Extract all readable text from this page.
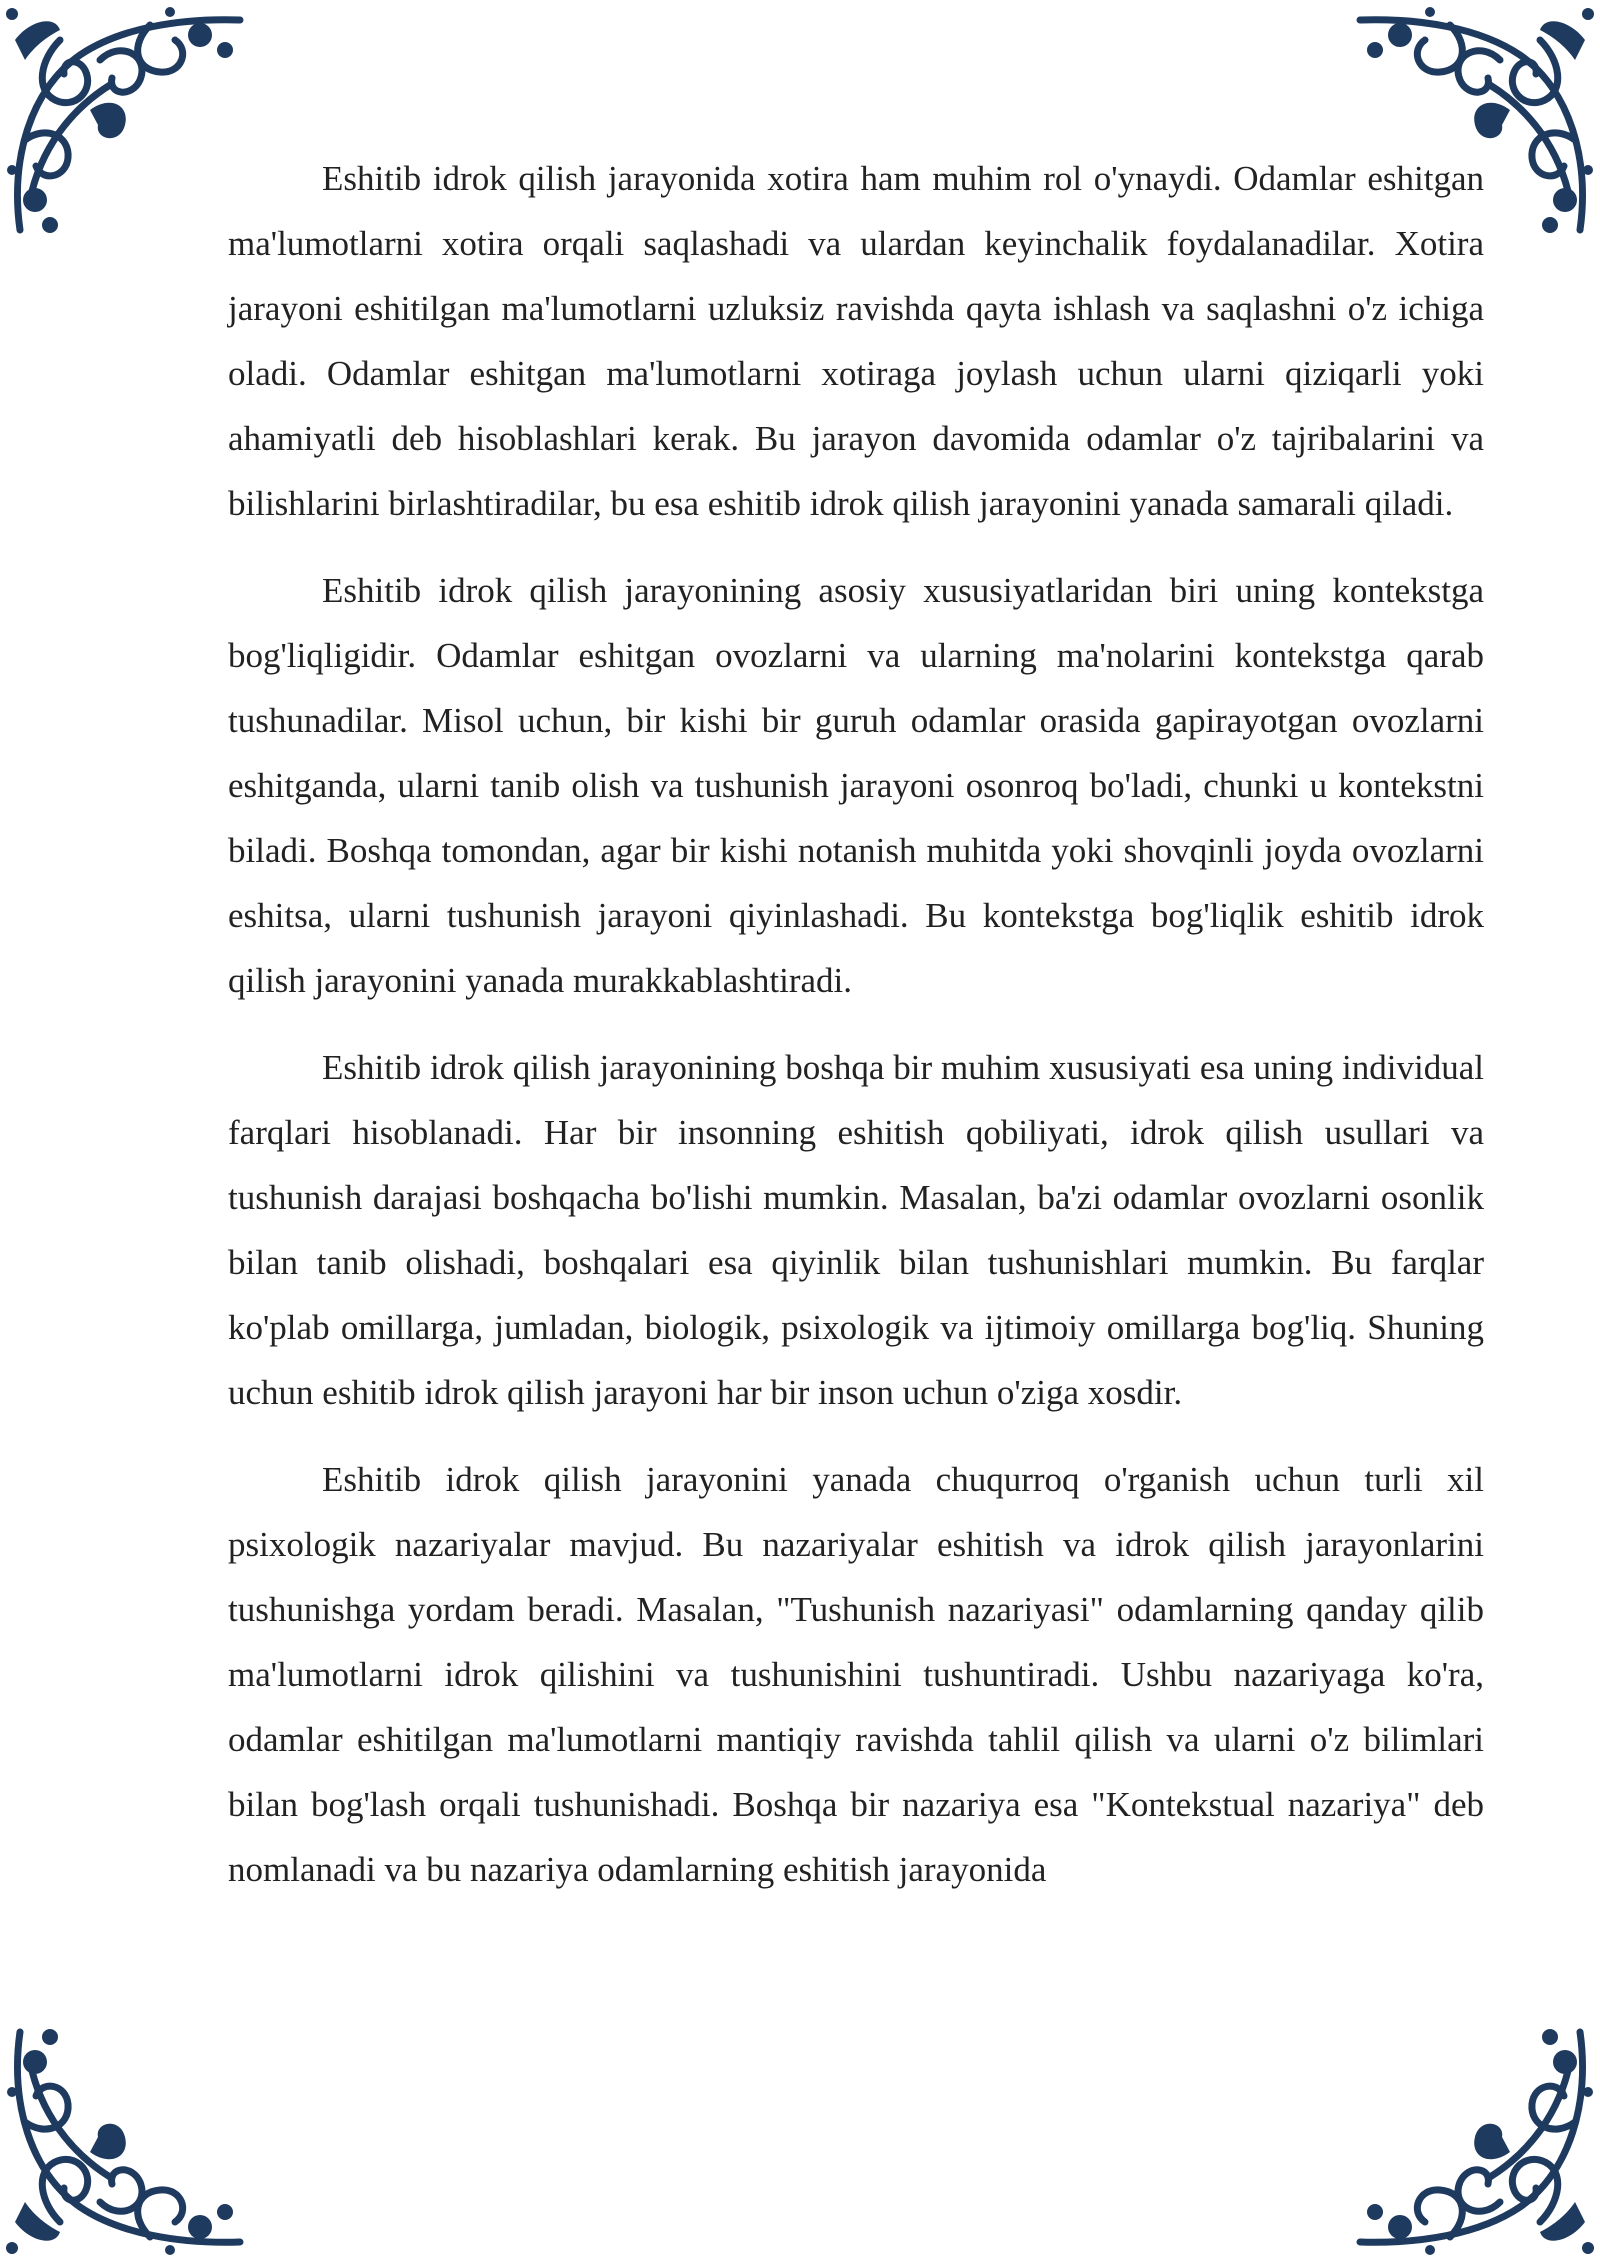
Eshitib idrok qilish jarayonida xotira ham muhim rol o'ynaydi. Odamlar eshitgan ma'lumotlarni xotira orqali saqlashadi va ulardan keyinchalik foydalanadilar. Xotira jarayoni eshitilgan ma'lumotlarni uzluksiz ravishda qayta ishlash va saqlashni o'z ichiga oladi. Odamlar eshitgan ma'lumotlarni xotiraga joylash uchun ularni qiziqarli yoki ahamiyatli deb hisoblashlari kerak. Bu jarayon davomida odamlar o'z tajribalarini va bilishlarini birlashtiradilar, bu esa eshitib idrok qilish jarayonini yanada samarali qiladi.

Eshitib idrok qilish jarayonining asosiy xususiyatlaridan biri uning kontekstga bog'liqligidir. Odamlar eshitgan ovozlarni va ularning ma'nolarini kontekstga qarab tushunadilar. Misol uchun, bir kishi bir guruh odamlar orasida gapirayotgan ovozlarni eshitganda, ularni tanib olish va tushunish jarayoni osonroq bo'ladi, chunki u kontekstni biladi. Boshqa tomondan, agar bir kishi notanish muhitda yoki shovqinli joyda ovozlarni eshitsa, ularni tushunish jarayoni qiyinlashadi. Bu kontekstga bog'liqlik eshitib idrok qilish jarayonini yanada murakkablashtiradi.

Eshitib idrok qilish jarayonining boshqa bir muhim xususiyati esa uning individual farqlari hisoblanadi. Har bir insonning eshitish qobiliyati, idrok qilish usullari va tushunish darajasi boshqacha bo'lishi mumkin. Masalan, ba'zi odamlar ovozlarni osonlik bilan tanib olishadi, boshqalari esa qiyinlik bilan tushunishlari mumkin. Bu farqlar ko'plab omillarga, jumladan, biologik, psixologik va ijtimoiy omillarga bog'liq. Shuning uchun eshitib idrok qilish jarayoni har bir inson uchun o'ziga xosdir.

Eshitib idrok qilish jarayonini yanada chuqurroq o'rganish uchun turli xil psixologik nazariyalar mavjud. Bu nazariyalar eshitish va idrok qilish jarayonlarini tushunishga yordam beradi. Masalan, "Tushunish nazariyasi" odamlarning qanday qilib ma'lumotlarni idrok qilishini va tushunishini tushuntiradi. Ushbu nazariyaga ko'ra, odamlar eshitilgan ma'lumotlarni mantiqiy ravishda tahlil qilish va ularni o'z bilimlari bilan bog'lash orqali tushunishadi. Boshqa bir nazariya esa "Kontekstual nazariya" deb nomlanadi va bu nazariya odamlarning eshitish jarayonida
